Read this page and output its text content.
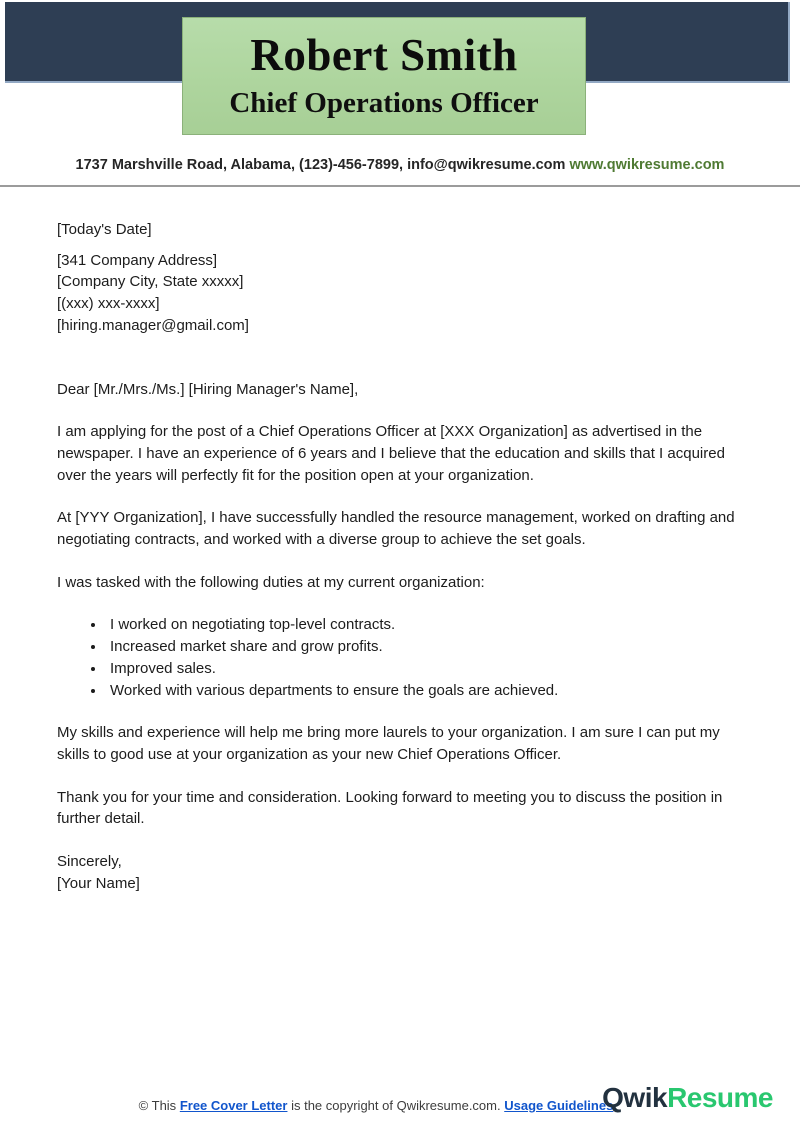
Robert Smith
Chief Operations Officer
1737 Marshville Road, Alabama, (123)-456-7899, info@qwikresume.com www.qwikresume.com
[Today's Date]
[341 Company Address]
[Company City, State xxxxx]
[(xxx) xxx-xxxx]
[hiring.manager@gmail.com]

Dear [Mr./Mrs./Ms.] [Hiring Manager's Name],

I am applying for the post of a Chief Operations Officer at [XXX Organization] as advertised in the newspaper. I have an experience of 6 years and I believe that the education and skills that I acquired over the years will perfectly fit for the position open at your organization.

At [YYY Organization], I have successfully handled the resource management, worked on drafting and negotiating contracts, and worked with a diverse group to achieve the set goals.

I was tasked with the following duties at my current organization:

• I worked on negotiating top-level contracts.
• Increased market share and grow profits.
• Improved sales.
• Worked with various departments to ensure the goals are achieved.

My skills and experience will help me bring more laurels to your organization. I am sure I can put my skills to good use at your organization as your new Chief Operations Officer.

Thank you for your time and consideration. Looking forward to meeting you to discuss the position in further detail.

Sincerely,
[Your Name]
© This Free Cover Letter is the copyright of Qwikresume.com. Usage Guidelines
QwikResume
